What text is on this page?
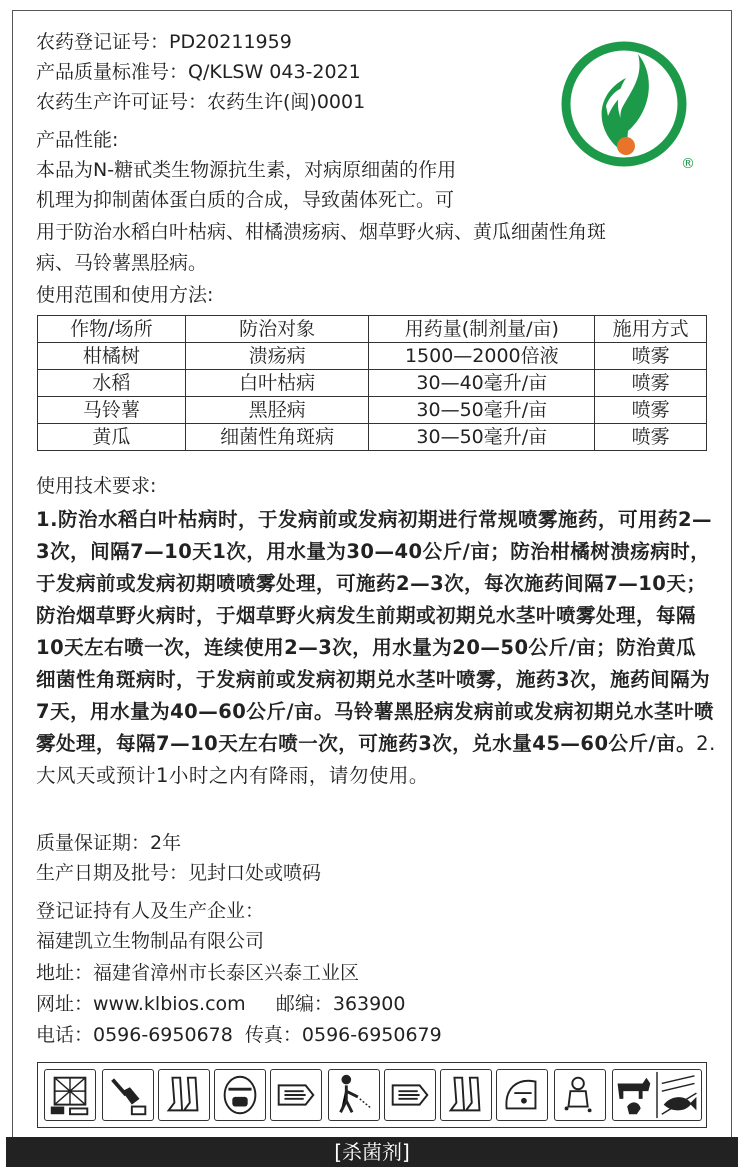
农药登记证号：PD20211959
产品质量标准号：Q/KLSW 043-2021
农药生产许可证号：农药生许(闽)0001
®
产品性能:
本品为N-糖甙类生物源抗生素，对病原细菌的作用
机理为抑制菌体蛋白质的合成，导致菌体死亡。可
用于防治水稻白叶枯病、柑橘溃疡病、烟草野火病、黄瓜细菌性角斑
病、马铃薯黑胫病。
使用范围和使用方法:
作物/场所	防治对象	用药量(制剂量/亩)	施用方式
柑橘树	溃疡病	1500—2000倍液	喷雾
水稻	白叶枯病	30—40毫升/亩	喷雾
马铃薯	黑胫病	30—50毫升/亩	喷雾
黄瓜	细菌性角斑病	30—50毫升/亩	喷雾
使用技术要求:
1.防治水稻白叶枯病时，于发病前或发病初期进行常规喷雾施药，可用药2—3次，间隔7—10天1次，用水量为30—40公斤/亩；防治柑橘树溃疡病时，于发病前或发病初期喷喷雾处理，可施药2—3次，每次施药间隔7—10天；防治烟草野火病时，于烟草野火病发生前期或初期兑水茎叶喷雾处理，每隔10天左右喷一次，连续使用2—3次，用水量为20—50公斤/亩；防治黄瓜细菌性角斑病时，于发病前或发病初期兑水茎叶喷雾，施药3次，施药间隔为7天，用水量为40—60公斤/亩。马铃薯黑胫病发病前或发病初期兑水茎叶喷雾处理，每隔7—10天左右喷一次，可施药3次，兑水量45—60公斤/亩。2.大风天或预计1小时之内有降雨，请勿使用。
质量保证期：2年
生产日期及批号：见封口处或喷码
登记证持有人及生产企业：
福建凯立生物制品有限公司
地址：福建省漳州市长泰区兴泰工业区
网址：www.klbios.com     邮编：363900
电话：0596-6950678  传真：0596-6950679
[杀菌剂]
